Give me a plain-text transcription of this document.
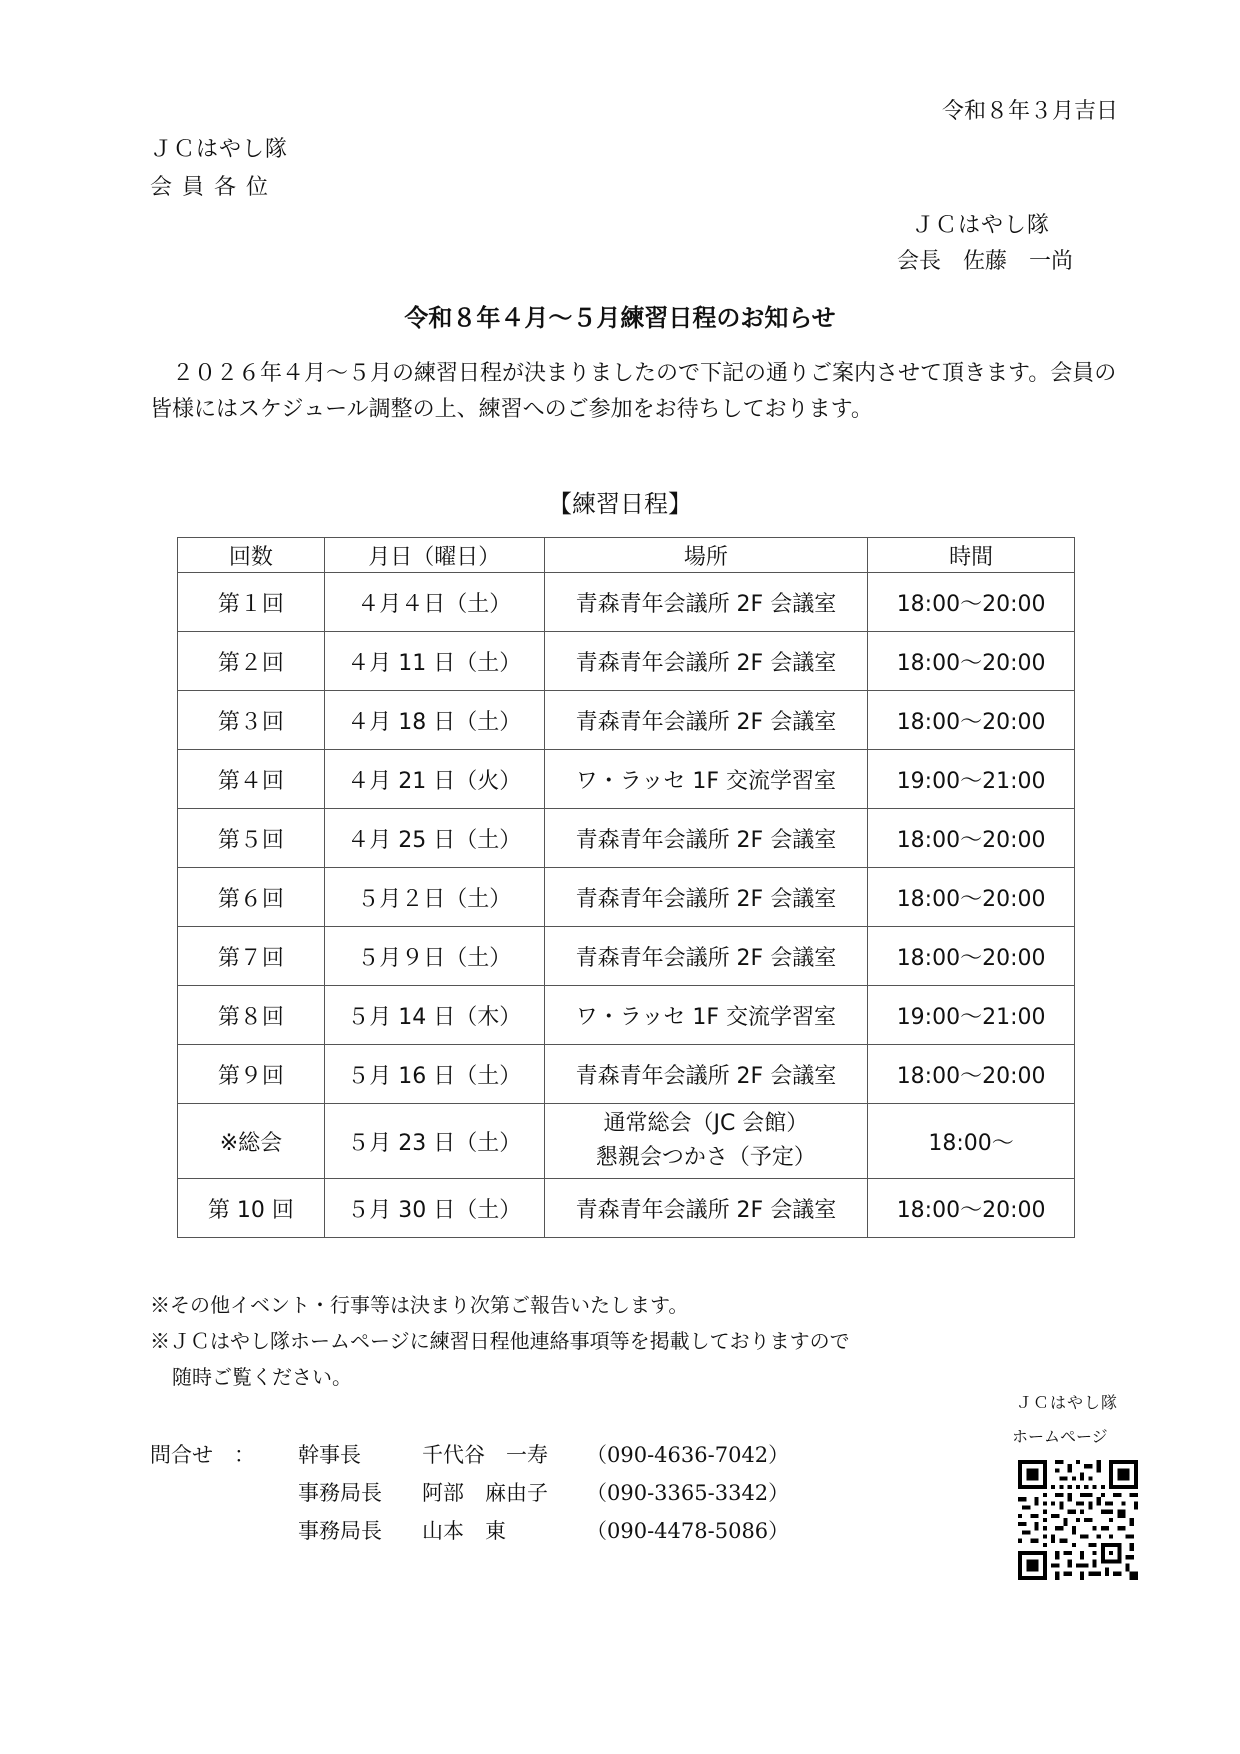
令和８年３月吉日
ＪＣはやし隊
会員各位
ＪＣはやし隊
会長　佐藤　一尚
令和８年４月～５月練習日程のお知らせ
２０２６年４月～５月の練習日程が決まりましたので下記の通りご案内させて頂きます。会員の皆様にはスケジュール調整の上、練習へのご参加をお待ちしております。
【練習日程】
回数	月日（曜日）	場所	時間
第１回	４月４日（土）	青森青年会議所 2F 会議室	18:00～20:00
第２回	４月 11 日（土）	青森青年会議所 2F 会議室	18:00～20:00
第３回	４月 18 日（土）	青森青年会議所 2F 会議室	18:00～20:00
第４回	４月 21 日（火）	ワ・ラッセ 1F 交流学習室	19:00～21:00
第５回	４月 25 日（土）	青森青年会議所 2F 会議室	18:00～20:00
第６回	５月２日（土）	青森青年会議所 2F 会議室	18:00～20:00
第７回	５月９日（土）	青森青年会議所 2F 会議室	18:00～20:00
第８回	５月 14 日（木）	ワ・ラッセ 1F 交流学習室	19:00～21:00
第９回	５月 16 日（土）	青森青年会議所 2F 会議室	18:00～20:00
※総会	５月 23 日（土）	通常総会（JC 会館）
懇親会つかさ（予定）	18:00～
第 10 回	５月 30 日（土）	青森青年会議所 2F 会議室	18:00～20:00
※その他イベント・行事等は決まり次第ご報告いたします。
※ＪＣはやし隊ホームページに練習日程他連絡事項等を掲載しておりますので
随時ご覧ください。
問合せ　： 幹事長	千代谷　一寿 （090-4636-7042）
事務局長 阿部　麻由子 （090-3365-3342）
事務局長 山本　東	（090-4478-5086）
ＪＣはやし隊
ホームページ
